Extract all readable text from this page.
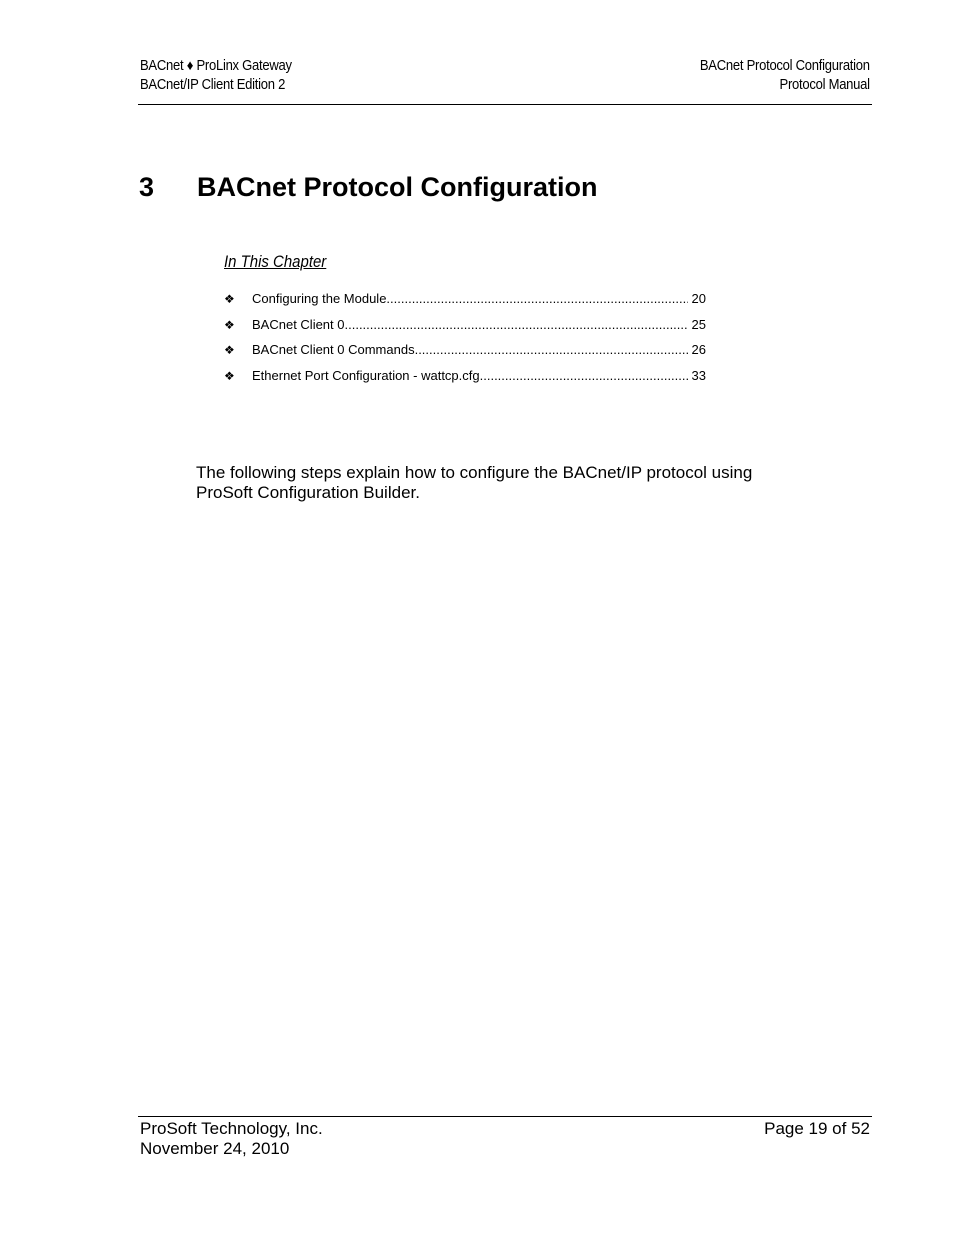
BACnet ♦ ProLinx Gateway
BACnet/IP Client Edition 2
BACnet Protocol Configuration
Protocol Manual
3 BACnet Protocol Configuration
In This Chapter
❖	Configuring the Module .....	20
❖	BACnet Client 0 .....	25
❖	BACnet Client 0 Commands .....	26
❖	Ethernet Port Configuration - wattcp.cfg .....	33

The following steps explain how to configure the BACnet/IP protocol using ProSoft Configuration Builder.

ProSoft Technology, Inc.
November 24, 2010
Page 19 of 52
